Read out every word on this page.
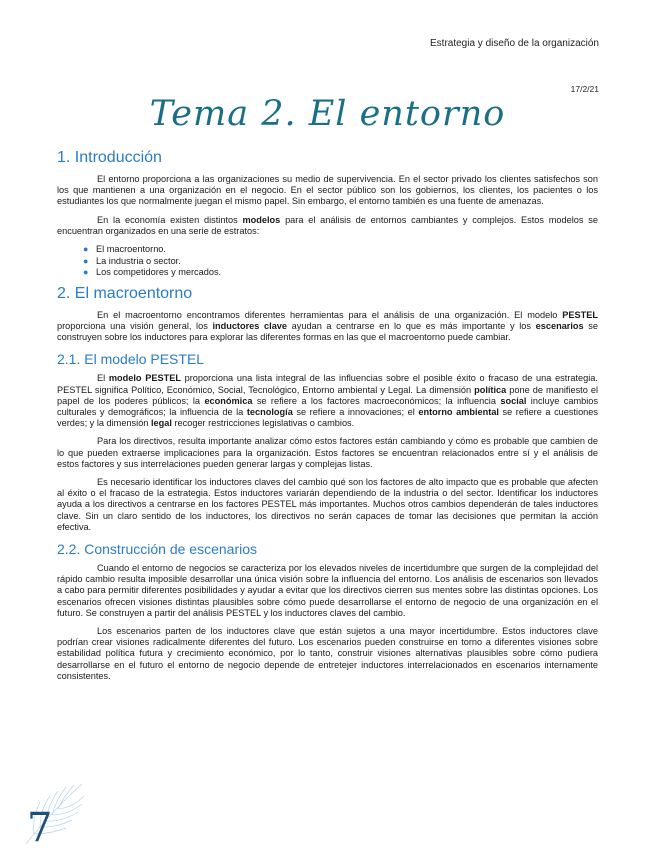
Estrategia y diseño de la organización
17/2/21
Tema 2. El entorno
1. Introducción

El entorno proporciona a las organizaciones su medio de supervivencia. En el sector privado los clientes satisfechos son los que mantienen a una organización en el negocio. En el sector público son los gobiernos, los clientes, los pacientes o los estudiantes los que normalmente juegan el mismo papel. Sin embargo, el entorno también es una fuente de amenazas.

En la economía existen distintos modelos para el análisis de entornos cambiantes y complejos. Estos modelos se encuentran organizados en una serie de estratos:

● El macroentorno.
● La industria o sector.
● Los competidores y mercados.
2. El macroentorno

En el macroentorno encontramos diferentes herramientas para el análisis de una organización. El modelo PESTEL proporciona una visión general, los inductores clave ayudan a centrarse en lo que es más importante y los escenarios se construyen sobre los inductores para explorar las diferentes formas en las que el macroentorno puede cambiar.

2.1. El modelo PESTEL

El modelo PESTEL proporciona una lista integral de las influencias sobre el posible éxito o fracaso de una estrategia. PESTEL significa Político, Económico, Social, Tecnológico, Entorno ambiental y Legal. La dimensión política pone de manifiesto el papel de los poderes públicos; la económica se refiere a los factores macroeconómicos; la influencia social incluye cambios culturales y demográficos; la influencia de la tecnología se refiere a innovaciones; el entorno ambiental se refiere a cuestiones verdes; y la dimensión legal recoger restricciones legislativas o cambios.

Para los directivos, resulta importante analizar cómo estos factores están cambiando y cómo es probable que cambien de lo que pueden extraerse implicaciones para la organización. Estos factores se encuentran relacionados entre sí y el análisis de estos factores y sus interrelaciones pueden generar largas y complejas listas.

Es necesario identificar los inductores claves del cambio qué son los factores de alto impacto que es probable que afecten al éxito o el fracaso de la estrategia. Estos inductores variarán dependiendo de la industria o del sector. Identificar los inductores ayuda a los directivos a centrarse en los factores PESTEL más importantes. Muchos otros cambios dependerán de tales inductores clave. Sin un claro sentido de los inductores, los directivos no serán capaces de tomar las decisiones que permitan la acción efectiva.

2.2. Construcción de escenarios

Cuando el entorno de negocios se caracteriza por los elevados niveles de incertidumbre que surgen de la complejidad del rápido cambio resulta imposible desarrollar una única visión sobre la influencia del entorno. Los análisis de escenarios son llevados a cabo para permitir diferentes posibilidades y ayudar a evitar que los directivos cierren sus mentes sobre las distintas opciones. Los escenarios ofrecen visiones distintas plausibles sobre cómo puede desarrollarse el entorno de negocio de una organización en el futuro. Se construyen a partir del análisis PESTEL y los inductores claves del cambio.

Los escenarios parten de los inductores clave que están sujetos a una mayor incertidumbre. Estos inductores clave podrían crear visiones radicalmente diferentes del futuro. Los escenarios pueden construirse en torno a diferentes visiones sobre estabilidad política futura y crecimiento económico, por lo tanto, construir visiones alternativas plausibles sobre cómo pudiera desarrollarse en el futuro el entorno de negocio depende de entretejer inductores interrelacionados en escenarios internamente consistentes.

7
